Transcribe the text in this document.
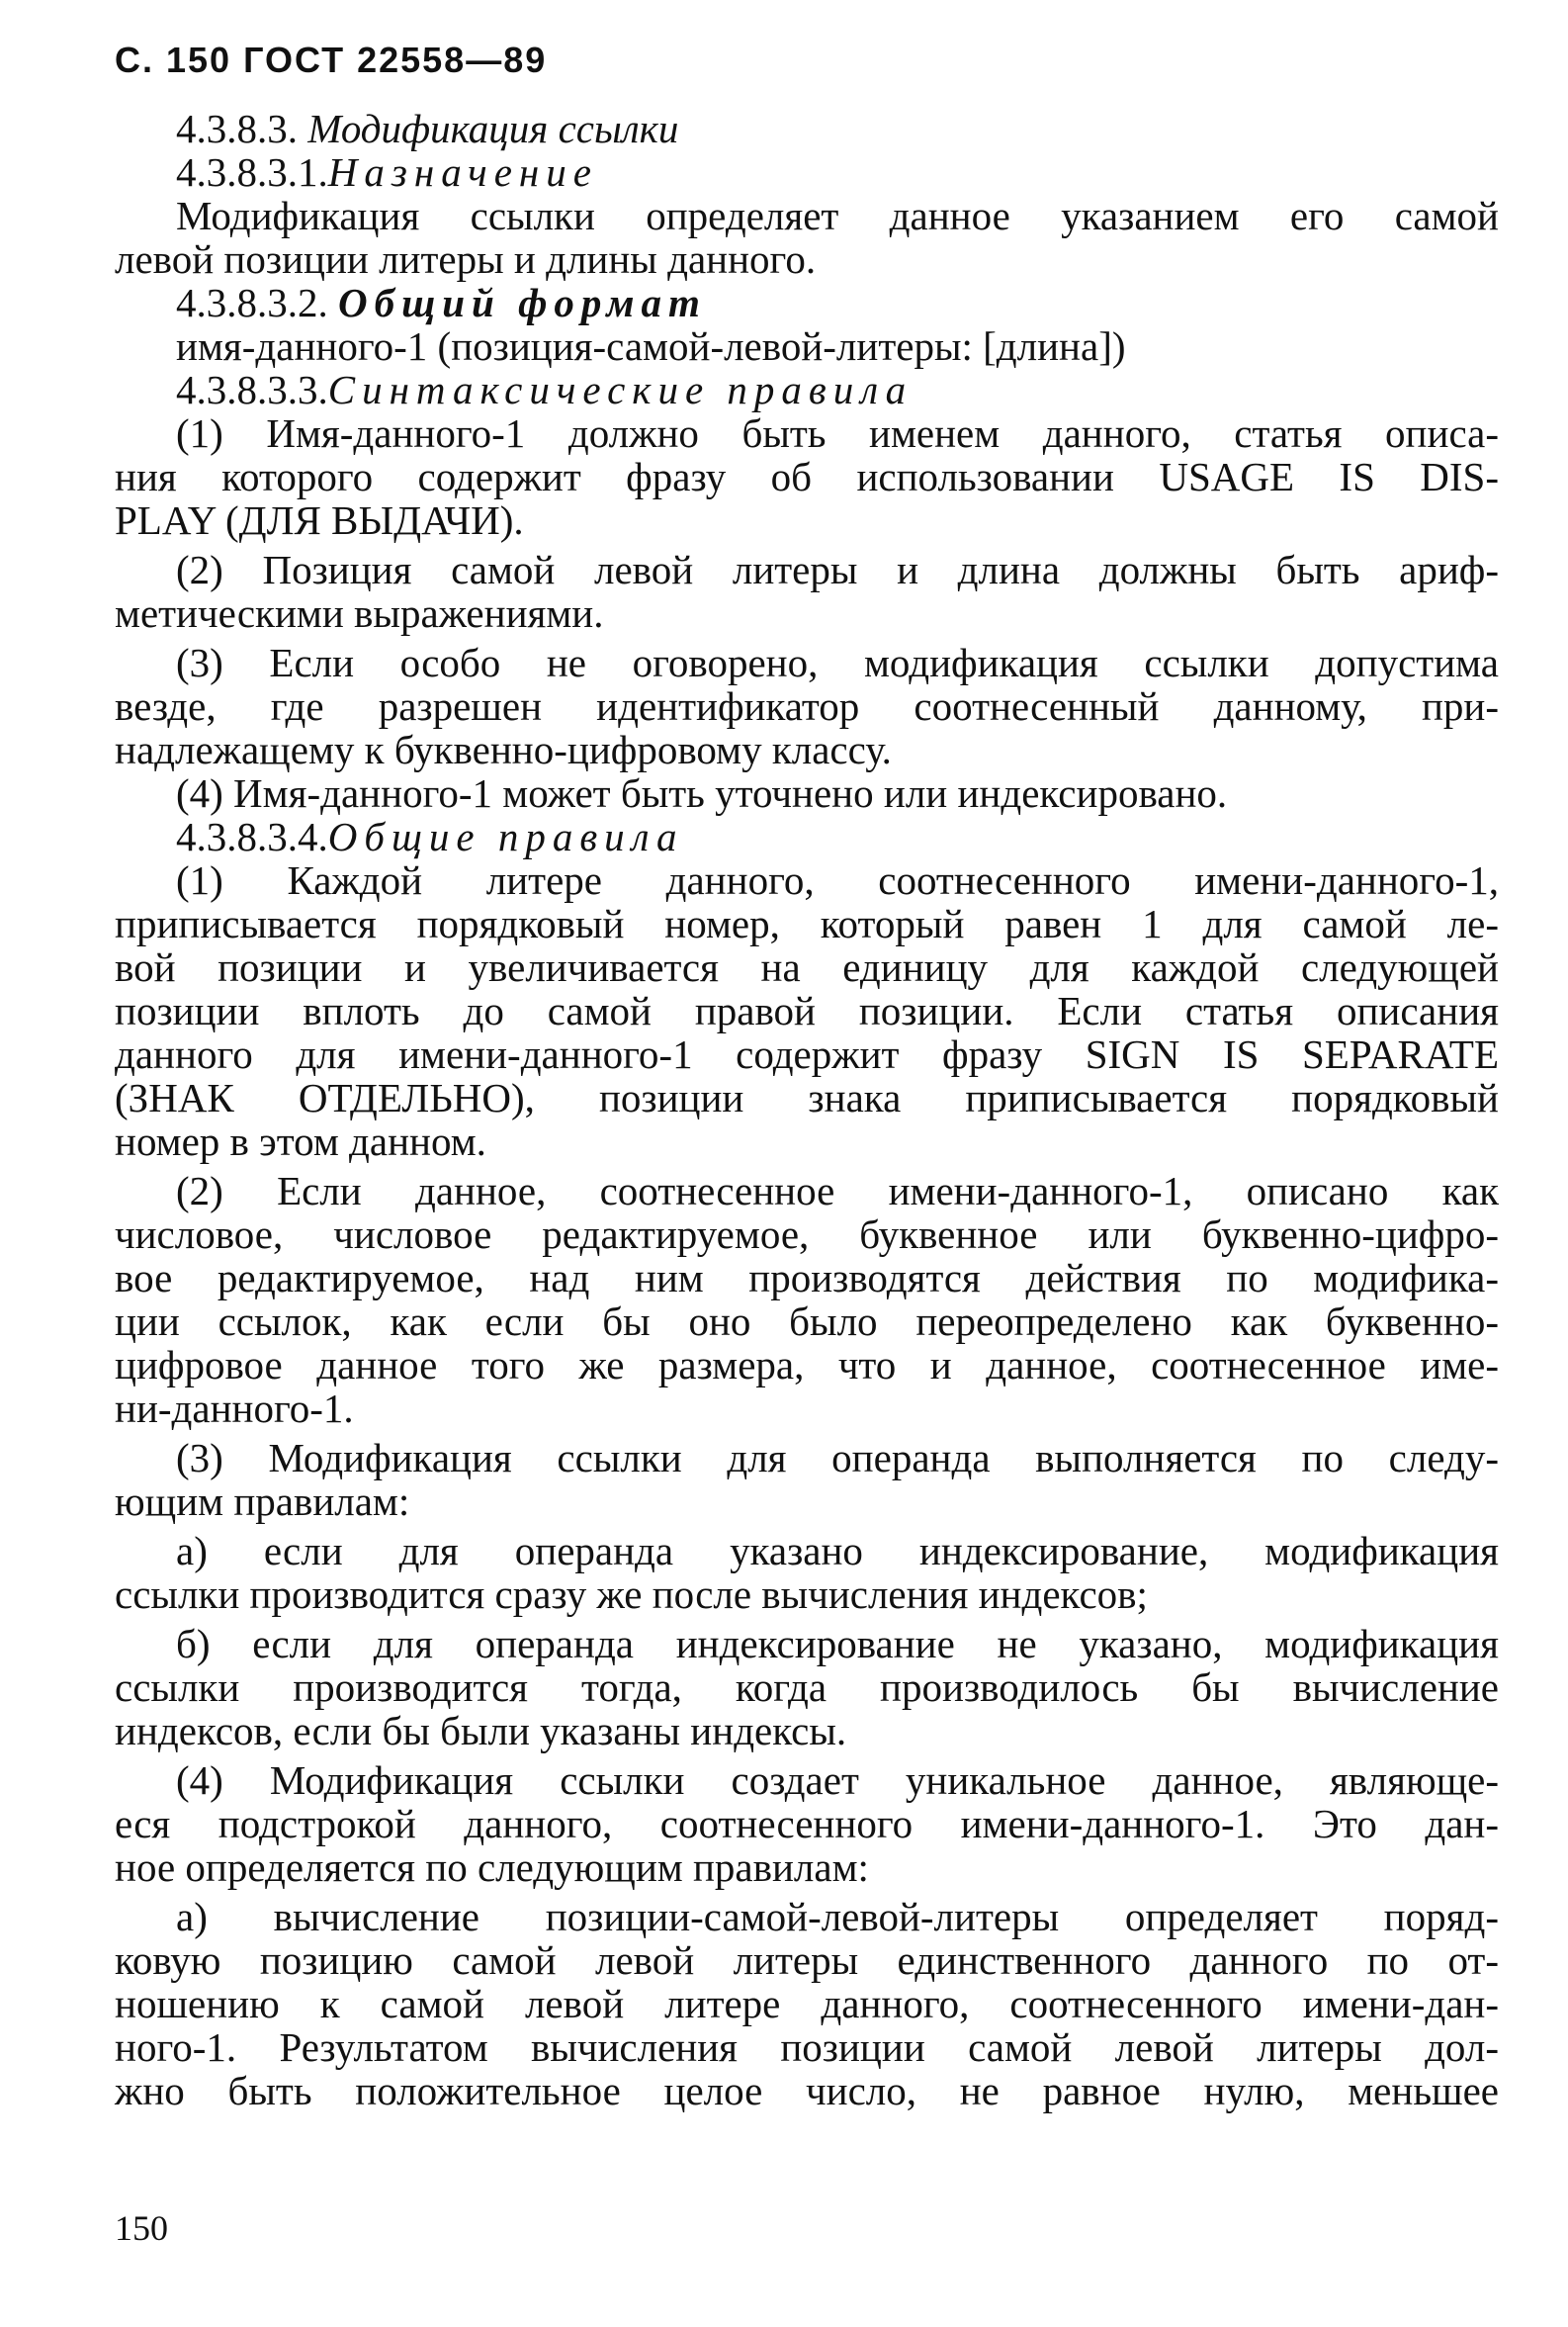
С. 150 ГОСТ 22558—89
4.3.8.3. Модификация ссылки
4.3.8.3.1.Назначение
Модификация ссылки определяет данное указанием его самой
левой позиции литеры и длины данного.
4.3.8.3.2. Общий формат
имя-данного-1 (позиция-самой-левой-литеры: [длина])
4.3.8.3.3.Синтаксические правила
(1) Имя-данного-1 должно быть именем данного, статья описа-
ния которого содержит фразу об использовании USAGE IS DIS-
PLAY (ДЛЯ ВЫДАЧИ).
(2) Позиция самой левой литеры и длина должны быть ариф-
метическими выражениями.
(3) Если особо не оговорено, модификация ссылки допустима
везде, где разрешен идентификатор соотнесенный данному, при-
надлежащему к буквенно-цифровому классу.
(4) Имя-данного-1 может быть уточнено или индексировано.
4.3.8.3.4.Общие правила
(1) Каждой литере данного, соотнесенного имени-данного-1,
приписывается порядковый номер, который равен 1 для самой ле-
вой позиции и увеличивается на единицу для каждой следующей
позиции вплоть до самой правой позиции. Если статья описания
данного для имени-данного-1 содержит фразу SIGN IS SEPARATE
(ЗНАК ОТДЕЛЬНО), позиции знака приписывается порядковый
номер в этом данном.
(2) Если данное, соотнесенное имени-данного-1, описано как
числовое, числовое редактируемое, буквенное или буквенно-цифро-
вое редактируемое, над ним производятся действия по модифика-
ции ссылок, как если бы оно было переопределено как буквенно-
цифровое данное того же размера, что и данное, соотнесенное име-
ни-данного-1.
(3) Модификация ссылки для операнда выполняется по следу-
ющим правилам:
а) если для операнда указано индексирование, модификация
ссылки производится сразу же после вычисления индексов;
б) если для операнда индексирование не указано, модификация
ссылки производится тогда, когда производилось бы вычисление
индексов, если бы были указаны индексы.
(4) Модификация ссылки создает уникальное данное, являюще-
еся подстрокой данного, соотнесенного имени-данного-1. Это дан-
ное определяется по следующим правилам:
а) вычисление позиции-самой-левой-литеры определяет поряд-
ковую позицию самой левой литеры единственного данного по от-
ношению к самой левой литере данного, соотнесенного имени-дан-
ного-1. Результатом вычисления позиции самой левой литеры дол-
жно быть положительное целое число, не равное нулю, меньшее
150
